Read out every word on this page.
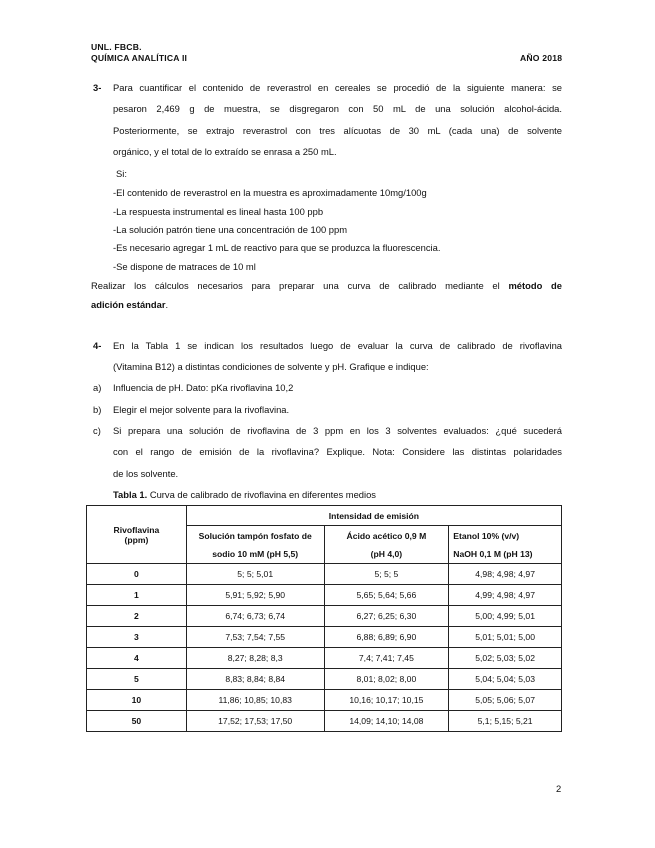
UNL. FBCB.
QUÍMICA ANALÍTICA II	AÑO 2018
3- Para cuantificar el contenido de reverastrol en cereales se procedió de la siguiente manera: se
pesaron 2,469 g de muestra, se disgregaron con 50 mL de una solución alcohol-ácida.
Posteriormente, se extrajo reverastrol con tres alícuotas de 30 mL (cada una) de solvente
orgánico, y el total de lo extraído se enrasa a 250 mL.
Si:
-El contenido de reverastrol en la muestra es aproximadamente 10mg/100g
-La respuesta instrumental es lineal hasta 100 ppb
-La solución patrón tiene una concentración de 100 ppm
-Es necesario agregar 1 mL de reactivo para que se produzca la fluorescencia.
-Se dispone de matraces de 10 ml
Realizar los cálculos necesarios para preparar una curva de calibrado mediante el método de
adición estándar.
4- En la Tabla 1 se indican los resultados luego de evaluar la curva de calibrado de rivoflavina
(Vitamina B12) a distintas condiciones de solvente y pH. Grafique e indique:
a) Influencia de pH. Dato: pKa rivoflavina 10,2
b) Elegir el mejor solvente para la rivoflavina.
c) Si prepara una solución de rivoflavina de 3 ppm en los 3 solventes evaluados: ¿qué sucederá
con el rango de emisión de la rivoflavina? Explique. Nota: Considere las distintas polaridades
de los solvente.
Tabla 1. Curva de calibrado de rivoflavina en diferentes medios
Rivoflavina
(ppm)	Intensidad de emisión		
	Solución tampón fosfato de
sodio 10 mM (pH 5,5)	Ácido acético 0,9 M
(pH 4,0)	Etanol 10% (v/v)
NaOH 0,1 M (pH 13)
0	5; 5; 5,01	5; 5; 5	4,98; 4,98; 4,97
1	5,91; 5,92; 5,90	5,65; 5,64; 5,66	4,99; 4,98; 4,97
2	6,74; 6,73; 6,74	6,27; 6,25; 6,30	5,00; 4,99; 5,01
3	7,53; 7,54; 7,55	6,88; 6,89; 6,90	5,01; 5,01; 5,00
4	8,27; 8,28; 8,3	7,4; 7,41; 7,45	5,02; 5,03; 5,02
5	8,83; 8,84; 8,84	8,01; 8,02; 8,00	5,04; 5,04; 5,03
10	11,86; 10,85; 10,83	10,16; 10,17; 10,15	5,05; 5,06; 5,07
50	17,52; 17,53; 17,50	14,09; 14,10; 14,08	5,1; 5,15; 5,21
2
